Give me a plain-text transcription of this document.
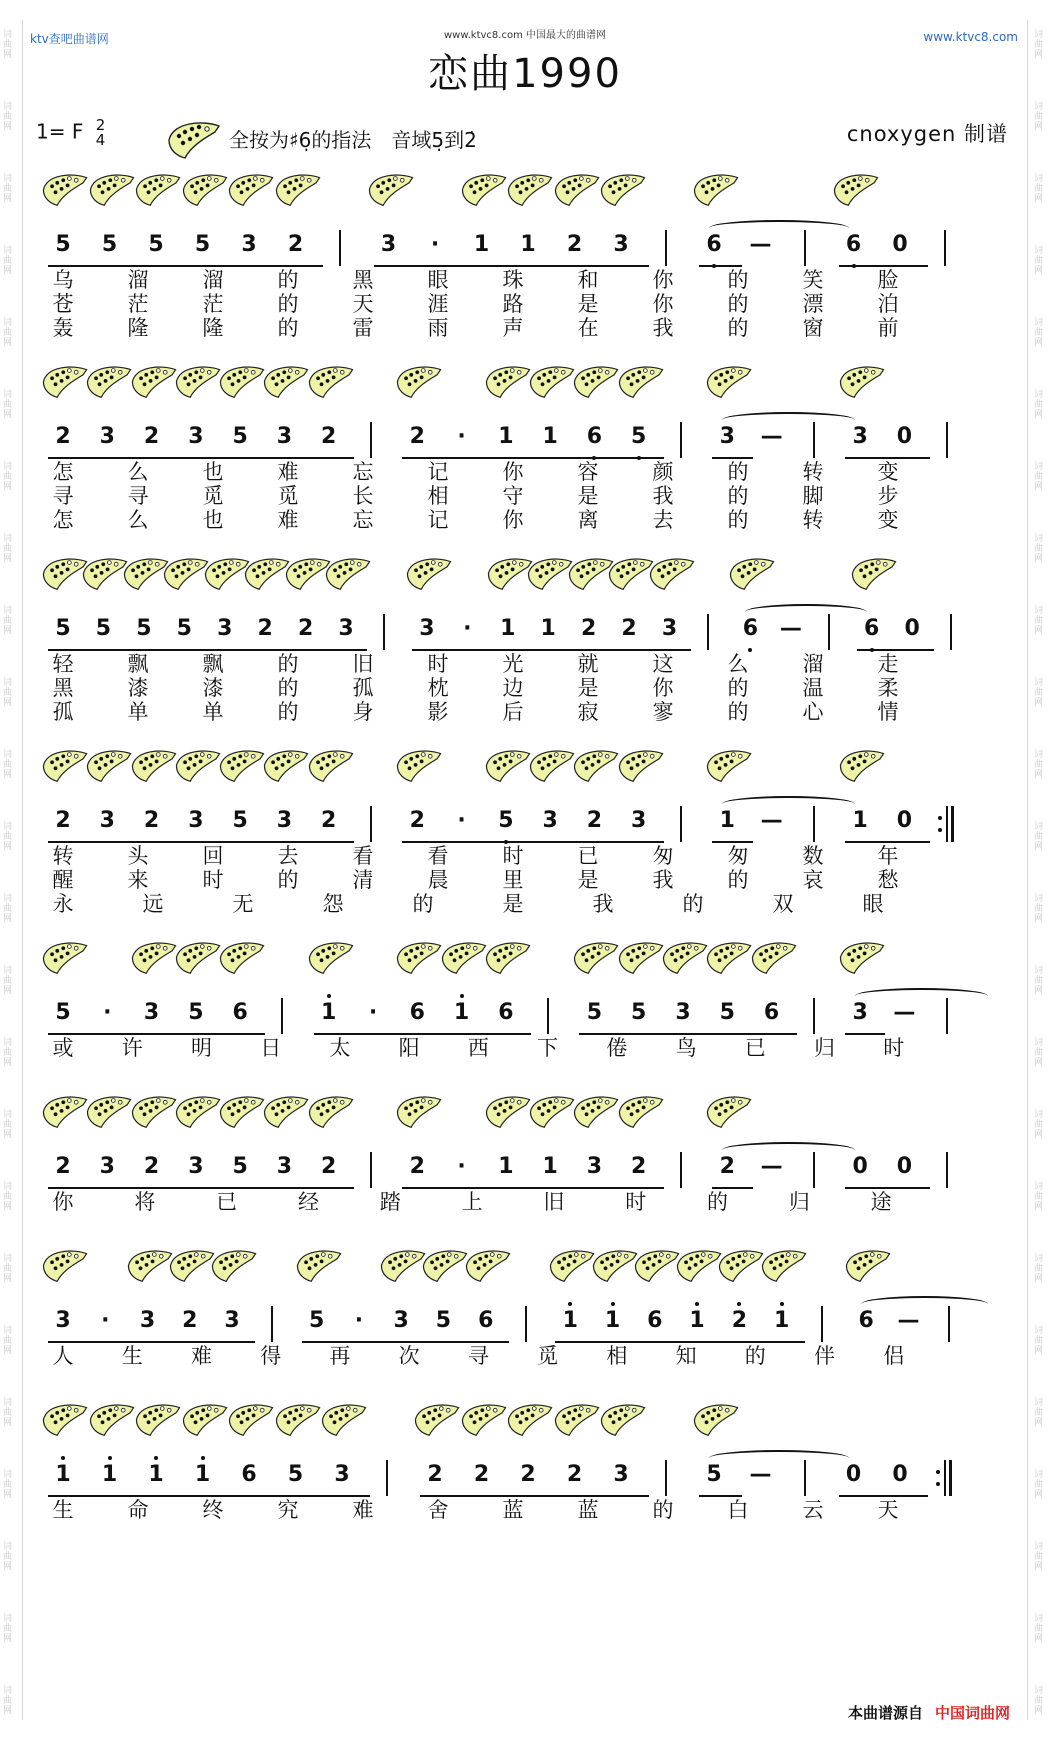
词曲网
词曲网
词曲网
词曲网
词曲网
词曲网
词曲网
词曲网
词曲网
词曲网
词曲网
词曲网
词曲网
词曲网
词曲网
词曲网
词曲网
词曲网
词曲网
词曲网
词曲网
词曲网
词曲网
词曲网
词曲网
词曲网
词曲网
词曲网
词曲网
词曲网
词曲网
词曲网
词曲网
词曲网
词曲网
词曲网
词曲网
词曲网
词曲网
词曲网
词曲网
词曲网
词曲网
词曲网
词曲网
词曲网
词曲网
词曲网
www.ktvc8.com 中国最大的曲谱网
ktv查吧曲谱网	www.ktvc8.com
恋曲1990
1= F 2
4	全按为♯6̣的指法　音域5̣到2̇	cnoxygen 制谱
5	5	5	5	3	2	3	·	1	1	2	3	6	—	6	0
乌	溜	溜	的	黑	眼	珠	和	你	的	笑	脸
苍	茫	茫	的	天	涯	路	是	你	的	漂	泊
轰	隆	隆	的	雷	雨	声	在	我	的	窗	前
2	3	2	3	5	3	2	2	·	1	1	6	5	3	—	3	0
怎	么	也	难	忘	记	你	容	颜	的	转	变
寻	寻	觅	觅	长	相	守	是	我	的	脚	步
怎	么	也	难	忘	记	你	离	去	的	转	变
5	5	5	5	3	2	2	3	3	·	1	1	2	2	3	6 —	6	0
轻	飘	飘	的	旧	时	光	就	这	么	溜	走
黑	漆	漆	的	孤	枕	边	是	你	的	温	柔
孤	单	单	的	身	影	后	寂	寥	的	心	情
2	3	2	3	5	3	2	2	·	5	3	2	3	1	—	1	0
转	头	回	去	看	看	时	已	匆	匆	数	年
醒	来	时	的	清	晨	里	是	我	的	哀	愁
永	远	无	怨	的	是	我	的	双	眼
5	·	3	5	6	1	·	6	1	6	5	5	3	5	6	3	—
或 许 明 日 太 阳 西 下 倦 鸟 已 归 时
2	3	2	3	5	3	2	2	·	1	1	3	2	2	—	0	0
你	将	已	经	踏	上	旧	时	的	归	途
3	·	3	2	3	5	·	3	5	6	1	1	6	1	2	1	6	—
人 生 难 得 再 次 寻 觅 相 知 的 伴 侣
1	1	1	1	6	5	3	2	2	2	2	3	5	—	0	0
生	命	终	究	难	舍	蓝	蓝	的	白	云	天
本曲谱源自 中国词曲网
